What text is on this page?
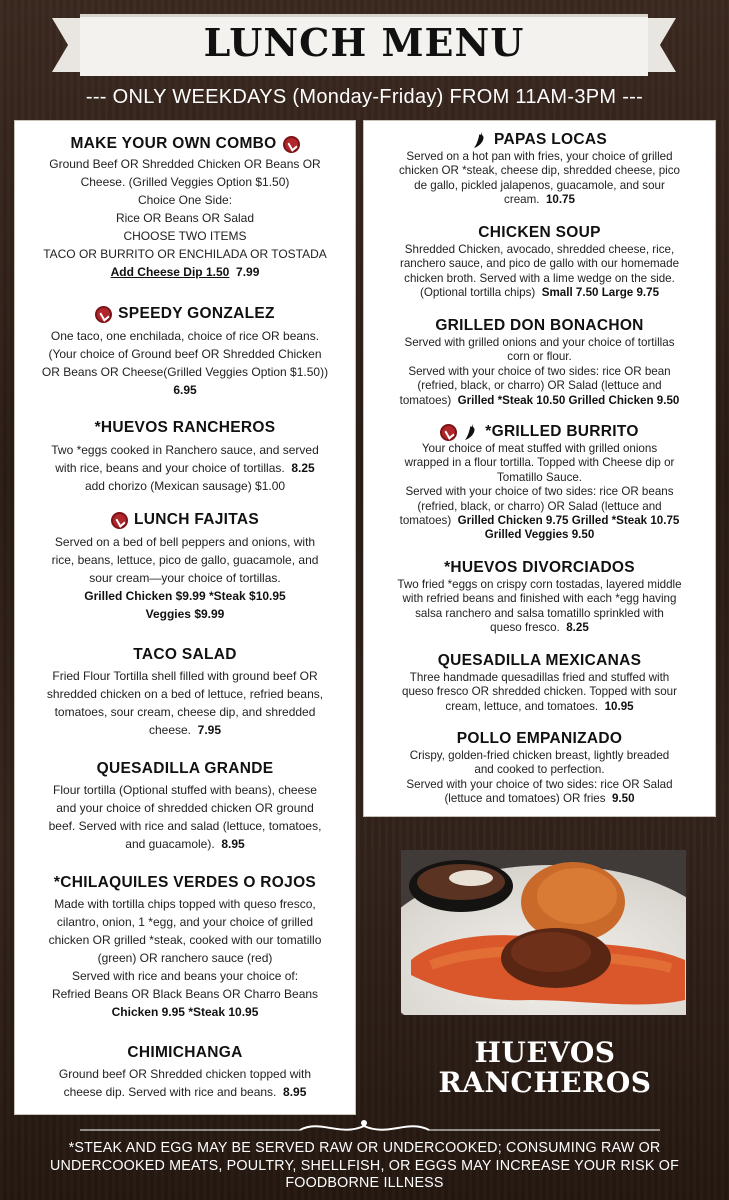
LUNCH MENU
--- ONLY WEEKDAYS (Monday-Friday) FROM 11AM-3PM ---
MAKE YOUR OWN COMBO
Ground Beef OR Shredded Chicken OR Beans OR
Cheese. (Grilled Veggies Option $1.50)
Choice One Side:
Rice OR Beans OR Salad
CHOOSE TWO ITEMS
TACO OR BURRITO OR ENCHILADA OR TOSTADA
Add Cheese Dip 1.50 7.99
SPEEDY GONZALEZ
One taco, one enchilada, choice of rice OR beans.
(Your choice of Ground beef OR Shredded Chicken
OR Beans OR Cheese(Grilled Veggies Option $1.50))
6.95
*HUEVOS RANCHEROS
Two *eggs cooked in Ranchero sauce, and served
with rice, beans and your choice of tortillas. 8.25
add chorizo (Mexican sausage) $1.00
LUNCH FAJITAS
Served on a bed of bell peppers and onions, with
rice, beans, lettuce, pico de gallo, guacamole, and
sour cream—your choice of tortillas.
Grilled Chicken $9.99 *Steak $10.95
Veggies $9.99
TACO SALAD
Fried Flour Tortilla shell filled with ground beef OR
shredded chicken on a bed of lettuce, refried beans,
tomatoes, sour cream, cheese dip, and shredded
cheese. 7.95
QUESADILLA GRANDE
Flour tortilla (Optional stuffed with beans), cheese
and your choice of shredded chicken OR ground
beef. Served with rice and salad (lettuce, tomatoes,
and guacamole). 8.95
*CHILAQUILES VERDES O ROJOS
Made with tortilla chips topped with queso fresco,
cilantro, onion, 1 *egg, and your choice of grilled
chicken OR grilled *steak, cooked with our tomatillo
(green) OR ranchero sauce (red)
Served with rice and beans your choice of:
Refried Beans OR Black Beans OR Charro Beans
Chicken 9.95 *Steak 10.95
CHIMICHANGA
Ground beef OR Shredded chicken topped with
cheese dip. Served with rice and beans. 8.95
PAPAS LOCAS
Served on a hot pan with fries, your choice of grilled
chicken OR *steak, cheese dip, shredded cheese, pico
de gallo, pickled jalapenos, guacamole, and sour
cream. 10.75
CHICKEN SOUP
Shredded Chicken, avocado, shredded cheese, rice,
ranchero sauce, and pico de gallo with our homemade
chicken broth. Served with a lime wedge on the side.
(Optional tortilla chips) Small 7.50 Large 9.75
GRILLED DON BONACHON
Served with grilled onions and your choice of tortillas
corn or flour.
Served with your choice of two sides: rice OR bean
(refried, black, or charro) OR Salad (lettuce and
tomatoes) Grilled *Steak 10.50 Grilled Chicken 9.50
*GRILLED BURRITO
Your choice of meat stuffed with grilled onions
wrapped in a flour tortilla. Topped with Cheese dip or
Tomatillo Sauce.
Served with your choice of two sides: rice OR beans
(refried, black, or charro) OR Salad (lettuce and
tomatoes) Grilled Chicken 9.75 Grilled *Steak 10.75
Grilled Veggies 9.50
*HUEVOS DIVORCIADOS
Two fried *eggs on crispy corn tostadas, layered middle
with refried beans and finished with each *egg having
salsa ranchero and salsa tomatillo sprinkled with
queso fresco. 8.25
QUESADILLA MEXICANAS
Three handmade quesadillas fried and stuffed with
queso fresco OR shredded chicken. Topped with sour
cream, lettuce, and tomatoes. 10.95
POLLO EMPANIZADO
Crispy, golden-fried chicken breast, lightly breaded
and cooked to perfection.
Served with your choice of two sides: rice OR Salad
(lettuce and tomatoes) OR fries 9.50
HUEVOS
RANCHEROS
*STEAK AND EGG MAY BE SERVED RAW OR UNDERCOOKED; CONSUMING RAW OR UNDERCOOKED MEATS, POULTRY, SHELLFISH, OR EGGS MAY INCREASE YOUR RISK OF FOODBORNE ILLNESS
